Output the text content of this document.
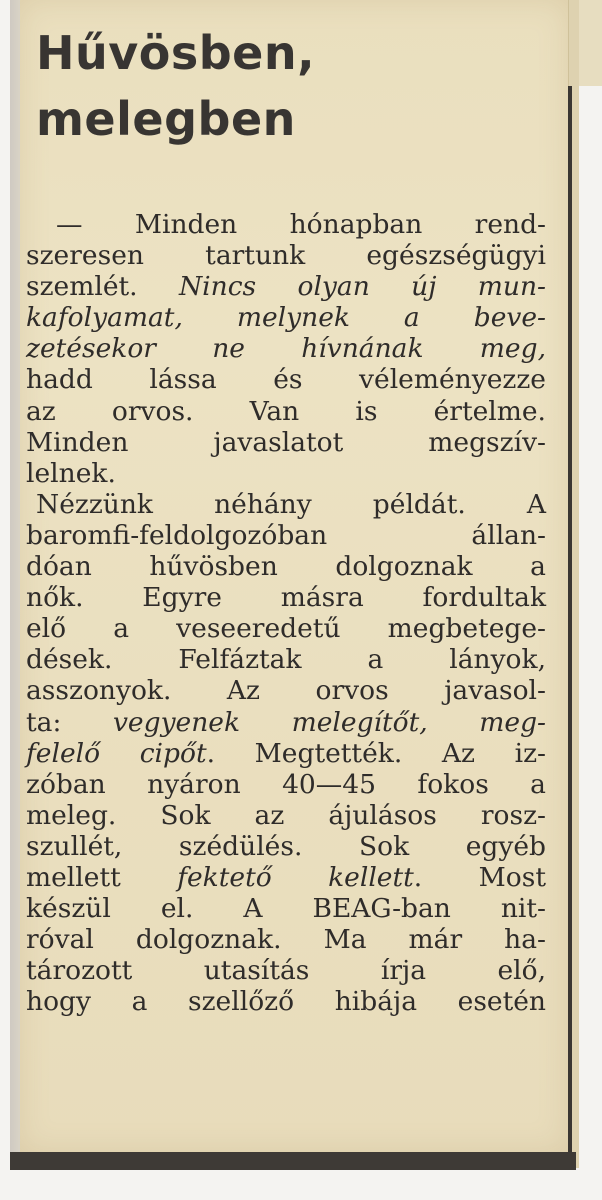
Hűvösben,
melegben
— Minden hónapban rend-
szeresen tartunk egészségügyi
szemlét. Nincs olyan új mun-
kafolyamat, melynek a beve-
zetésekor ne hívnának meg,
hadd lássa és véleményezze
az orvos. Van is értelme.
Minden javaslatot megszív-
lelnek.
Nézzünk néhány példát. A
baromfi-feldolgozóban állan-
dóan hűvösben dolgoznak a
nők. Egyre másra fordultak
elő a veseeredetű megbetege-
dések. Felfáztak a lányok,
asszonyok. Az orvos javasol-
ta: vegyenek melegítőt, meg-
felelő cipőt. Megtették. Az iz-
zóban nyáron 40—45 fokos a
meleg. Sok az ájulásos rosz-
szullét, szédülés. Sok egyéb
mellett fektető kellett. Most
készül el. A BEAG-ban nit-
róval dolgoznak. Ma már ha-
tározott utasítás írja elő,
hogy a szellőző hibája esetén
